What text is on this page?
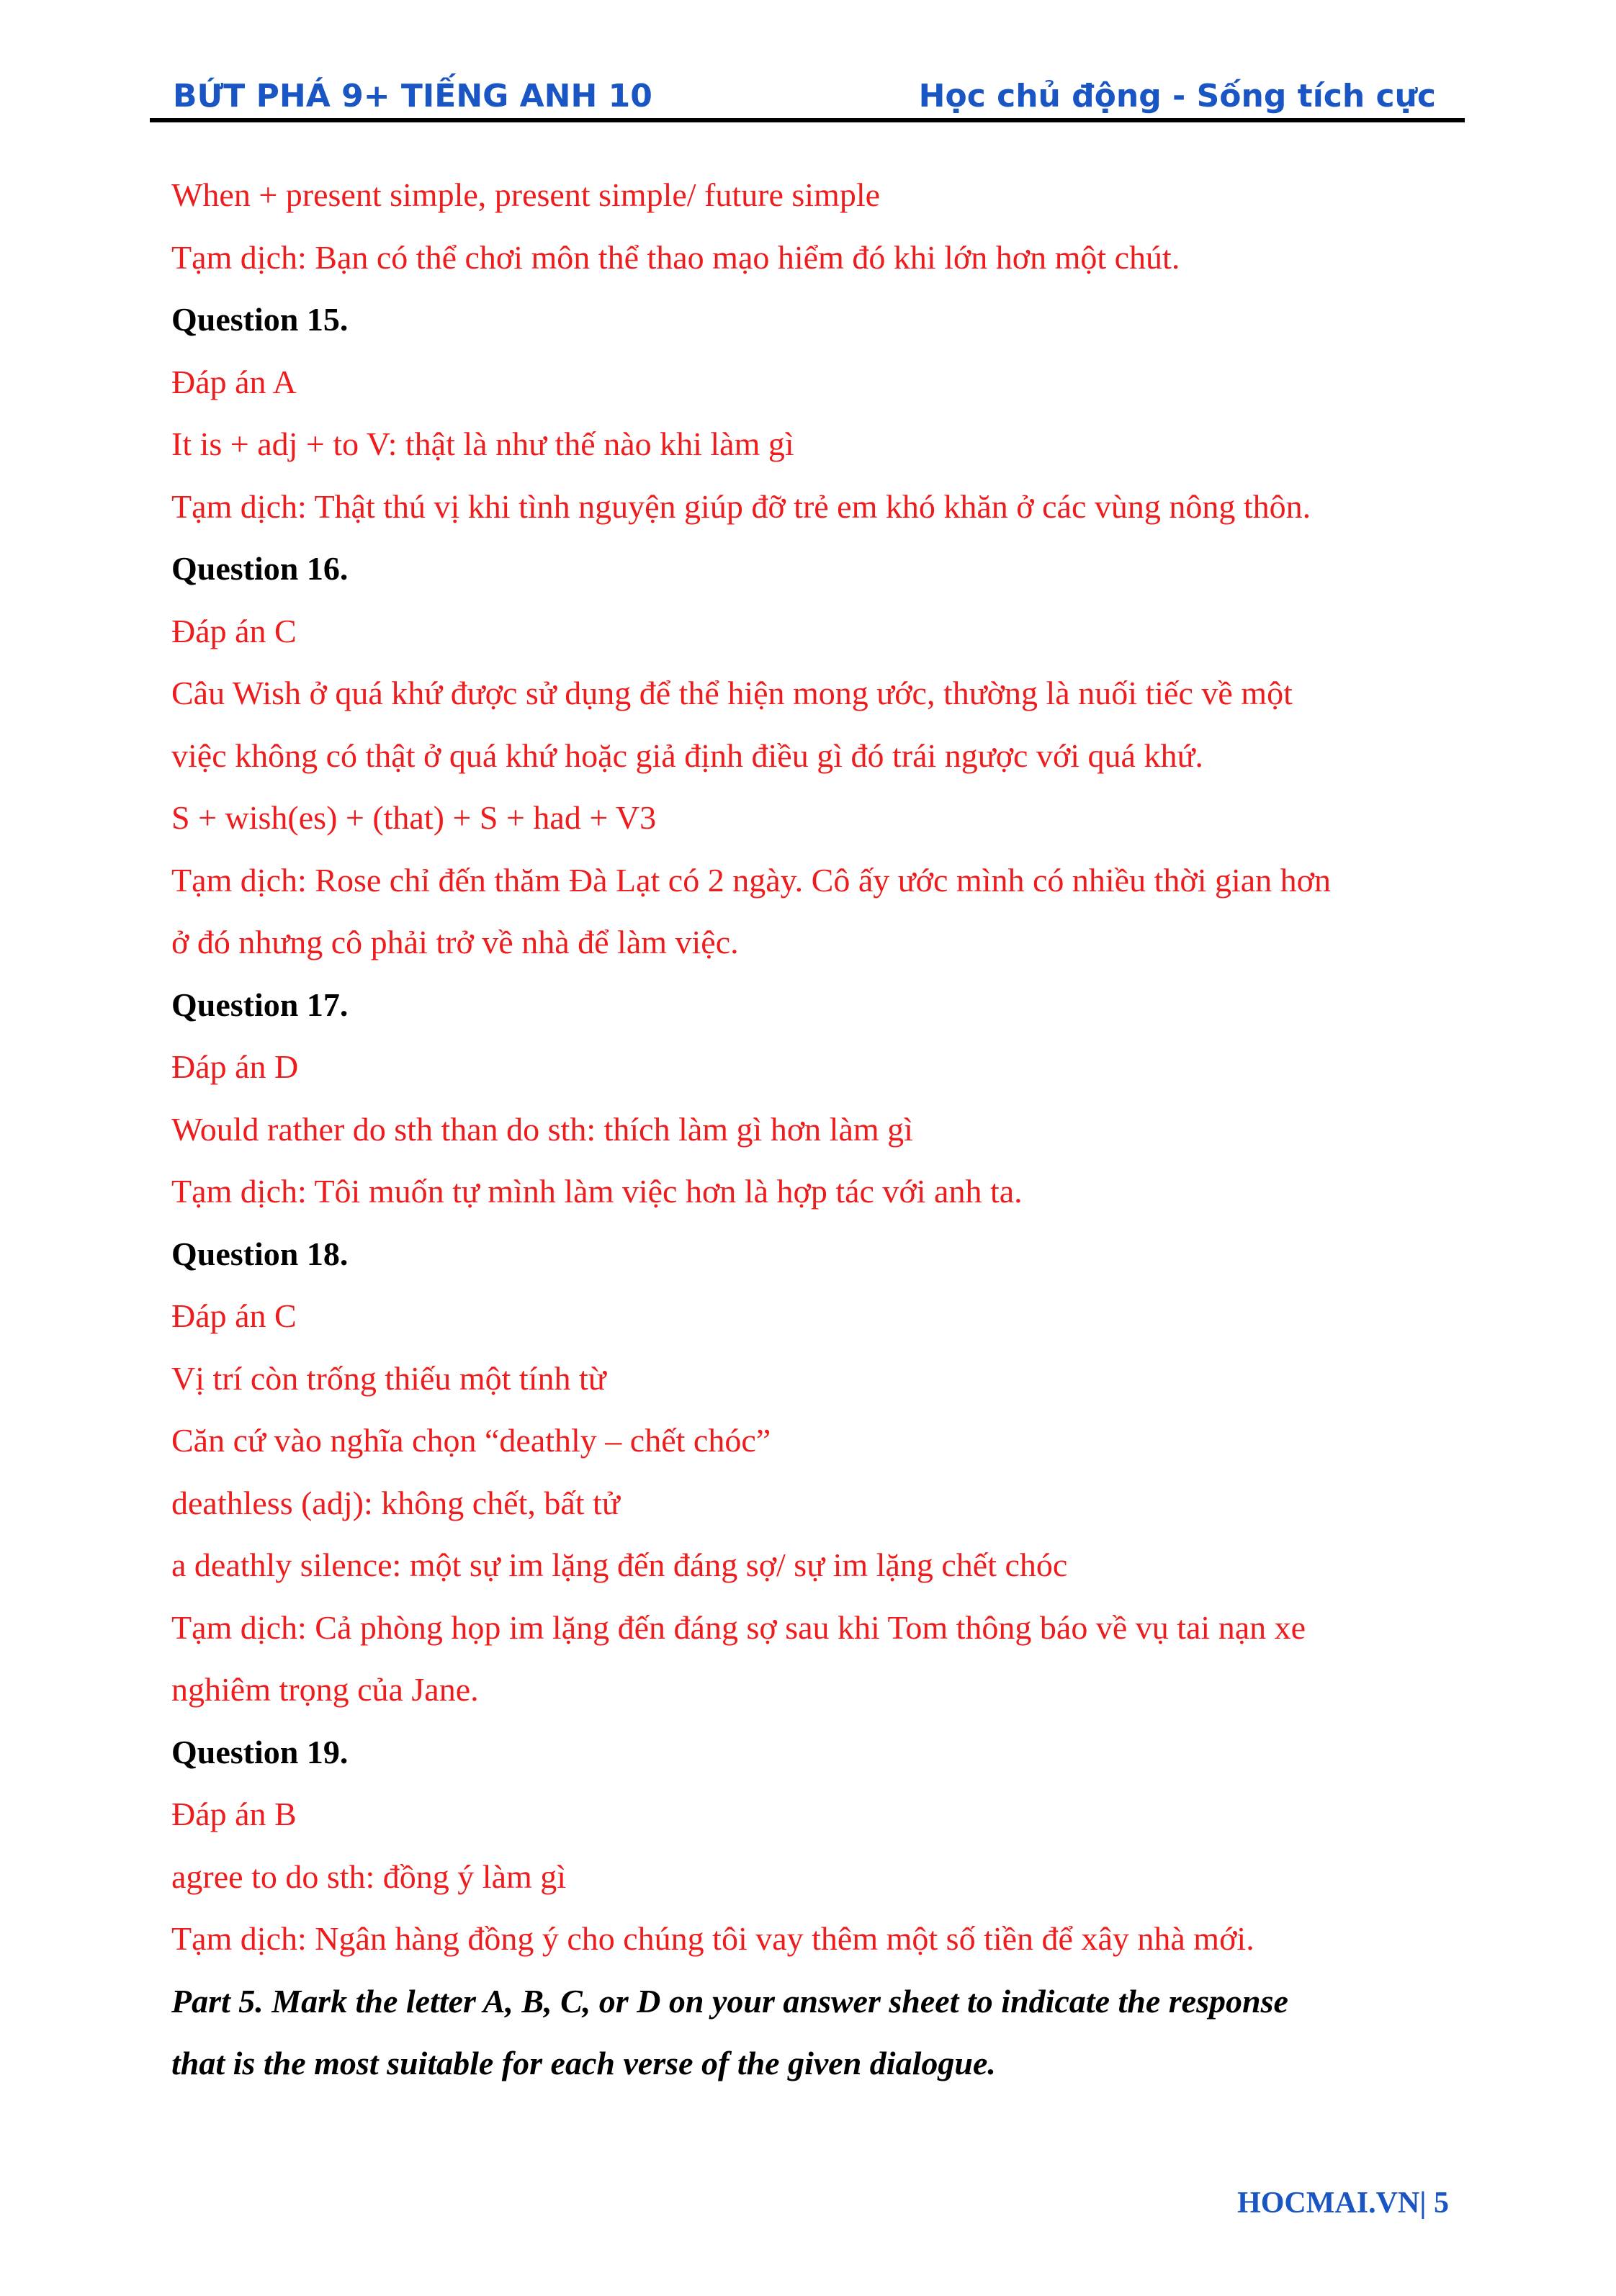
BỨT PHÁ 9+ TIẾNG ANH 10	Học chủ động - Sống tích cực
When + present simple, present simple/ future simple
Tạm dịch: Bạn có thể chơi môn thể thao mạo hiểm đó khi lớn hơn một chút.
Question 15.
Đáp án A
It is + adj + to V: thật là như thế nào khi làm gì
Tạm dịch: Thật thú vị khi tình nguyện giúp đỡ trẻ em khó khăn ở các vùng nông thôn.
Question 16.
Đáp án C
Câu Wish ở quá khứ được sử dụng để thể hiện mong ước, thường là nuối tiếc về một
việc không có thật ở quá khứ hoặc giả định điều gì đó trái ngược với quá khứ.
S + wish(es) + (that) + S + had + V3
Tạm dịch: Rose chỉ đến thăm Đà Lạt có 2 ngày. Cô ấy ước mình có nhiều thời gian hơn
ở đó nhưng cô phải trở về nhà để làm việc.
Question 17.
Đáp án D
Would rather do sth than do sth: thích làm gì hơn làm gì
Tạm dịch: Tôi muốn tự mình làm việc hơn là hợp tác với anh ta.
Question 18.
Đáp án C
Vị trí còn trống thiếu một tính từ
Căn cứ vào nghĩa chọn “deathly – chết chóc”
deathless (adj): không chết, bất tử
a deathly silence: một sự im lặng đến đáng sợ/ sự im lặng chết chóc
Tạm dịch: Cả phòng họp im lặng đến đáng sợ sau khi Tom thông báo về vụ tai nạn xe
nghiêm trọng của Jane.
Question 19.
Đáp án B
agree to do sth: đồng ý làm gì
Tạm dịch: Ngân hàng đồng ý cho chúng tôi vay thêm một số tiền để xây nhà mới.
Part 5. Mark the letter A, B, C, or D on your answer sheet to indicate the response
that is the most suitable for each verse of the given dialogue.
HOCMAI.VN| 5
